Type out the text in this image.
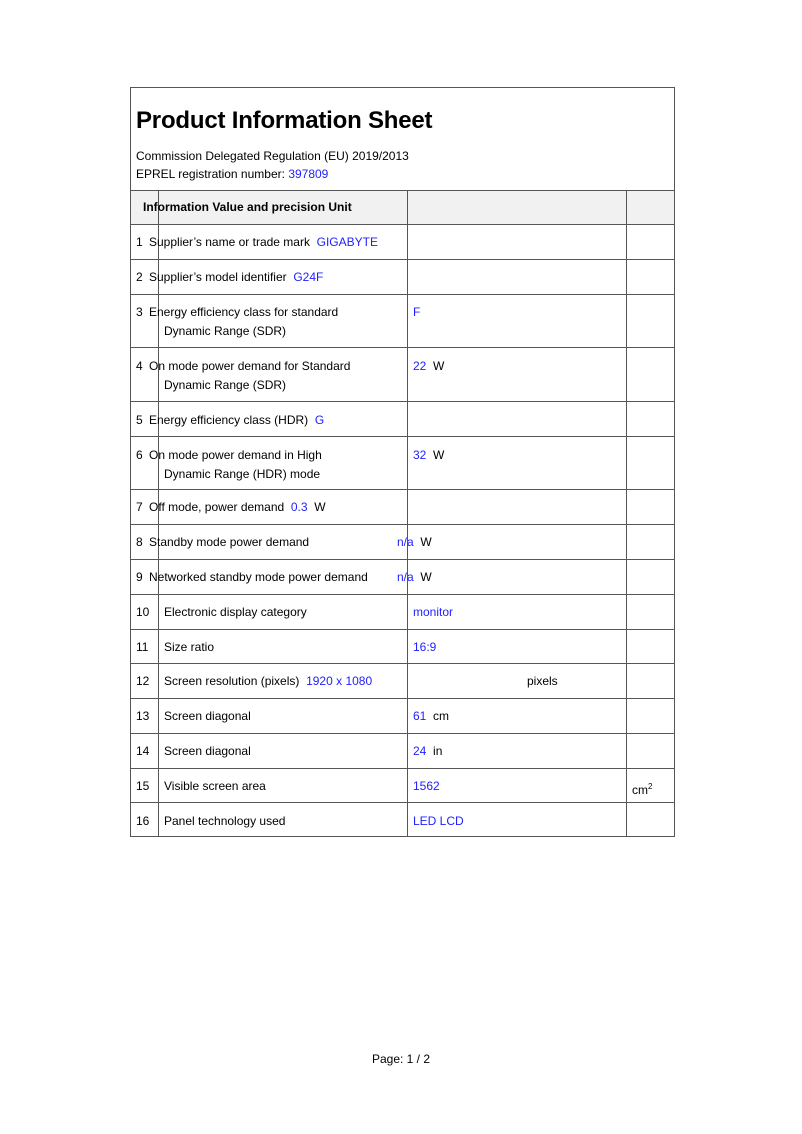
Product Information Sheet
Commission Delegated Regulation (EU) 2019/2013
EPREL registration number: 397809
Information Value and precision Unit
1 Supplier’s name or trade mark GIGABYTE
2 Supplier’s model identifier G24F
3 Energy efficiency class for standard
Dynamic Range (SDR)
F
4 On mode power demand for Standard
Dynamic Range (SDR)
22 W
5 Energy efficiency class (HDR) G
6 On mode power demand in High
Dynamic Range (HDR) mode
32 W
7 Off mode, power demand 0.3 W
8 Standby mode power demand	n/a W
9 Networked standby mode power demand n/a W
10 Electronic display category	monitor
11 Size ratio	16:9
12 Screen resolution (pixels) 1920 x 1080	pixels
13 Screen diagonal	61 cm
14 Screen diagonal	24 in
15 Visible screen area	1562	$cm^2$
16 Panel technology used	LED LCD
Page: 1 / 2
